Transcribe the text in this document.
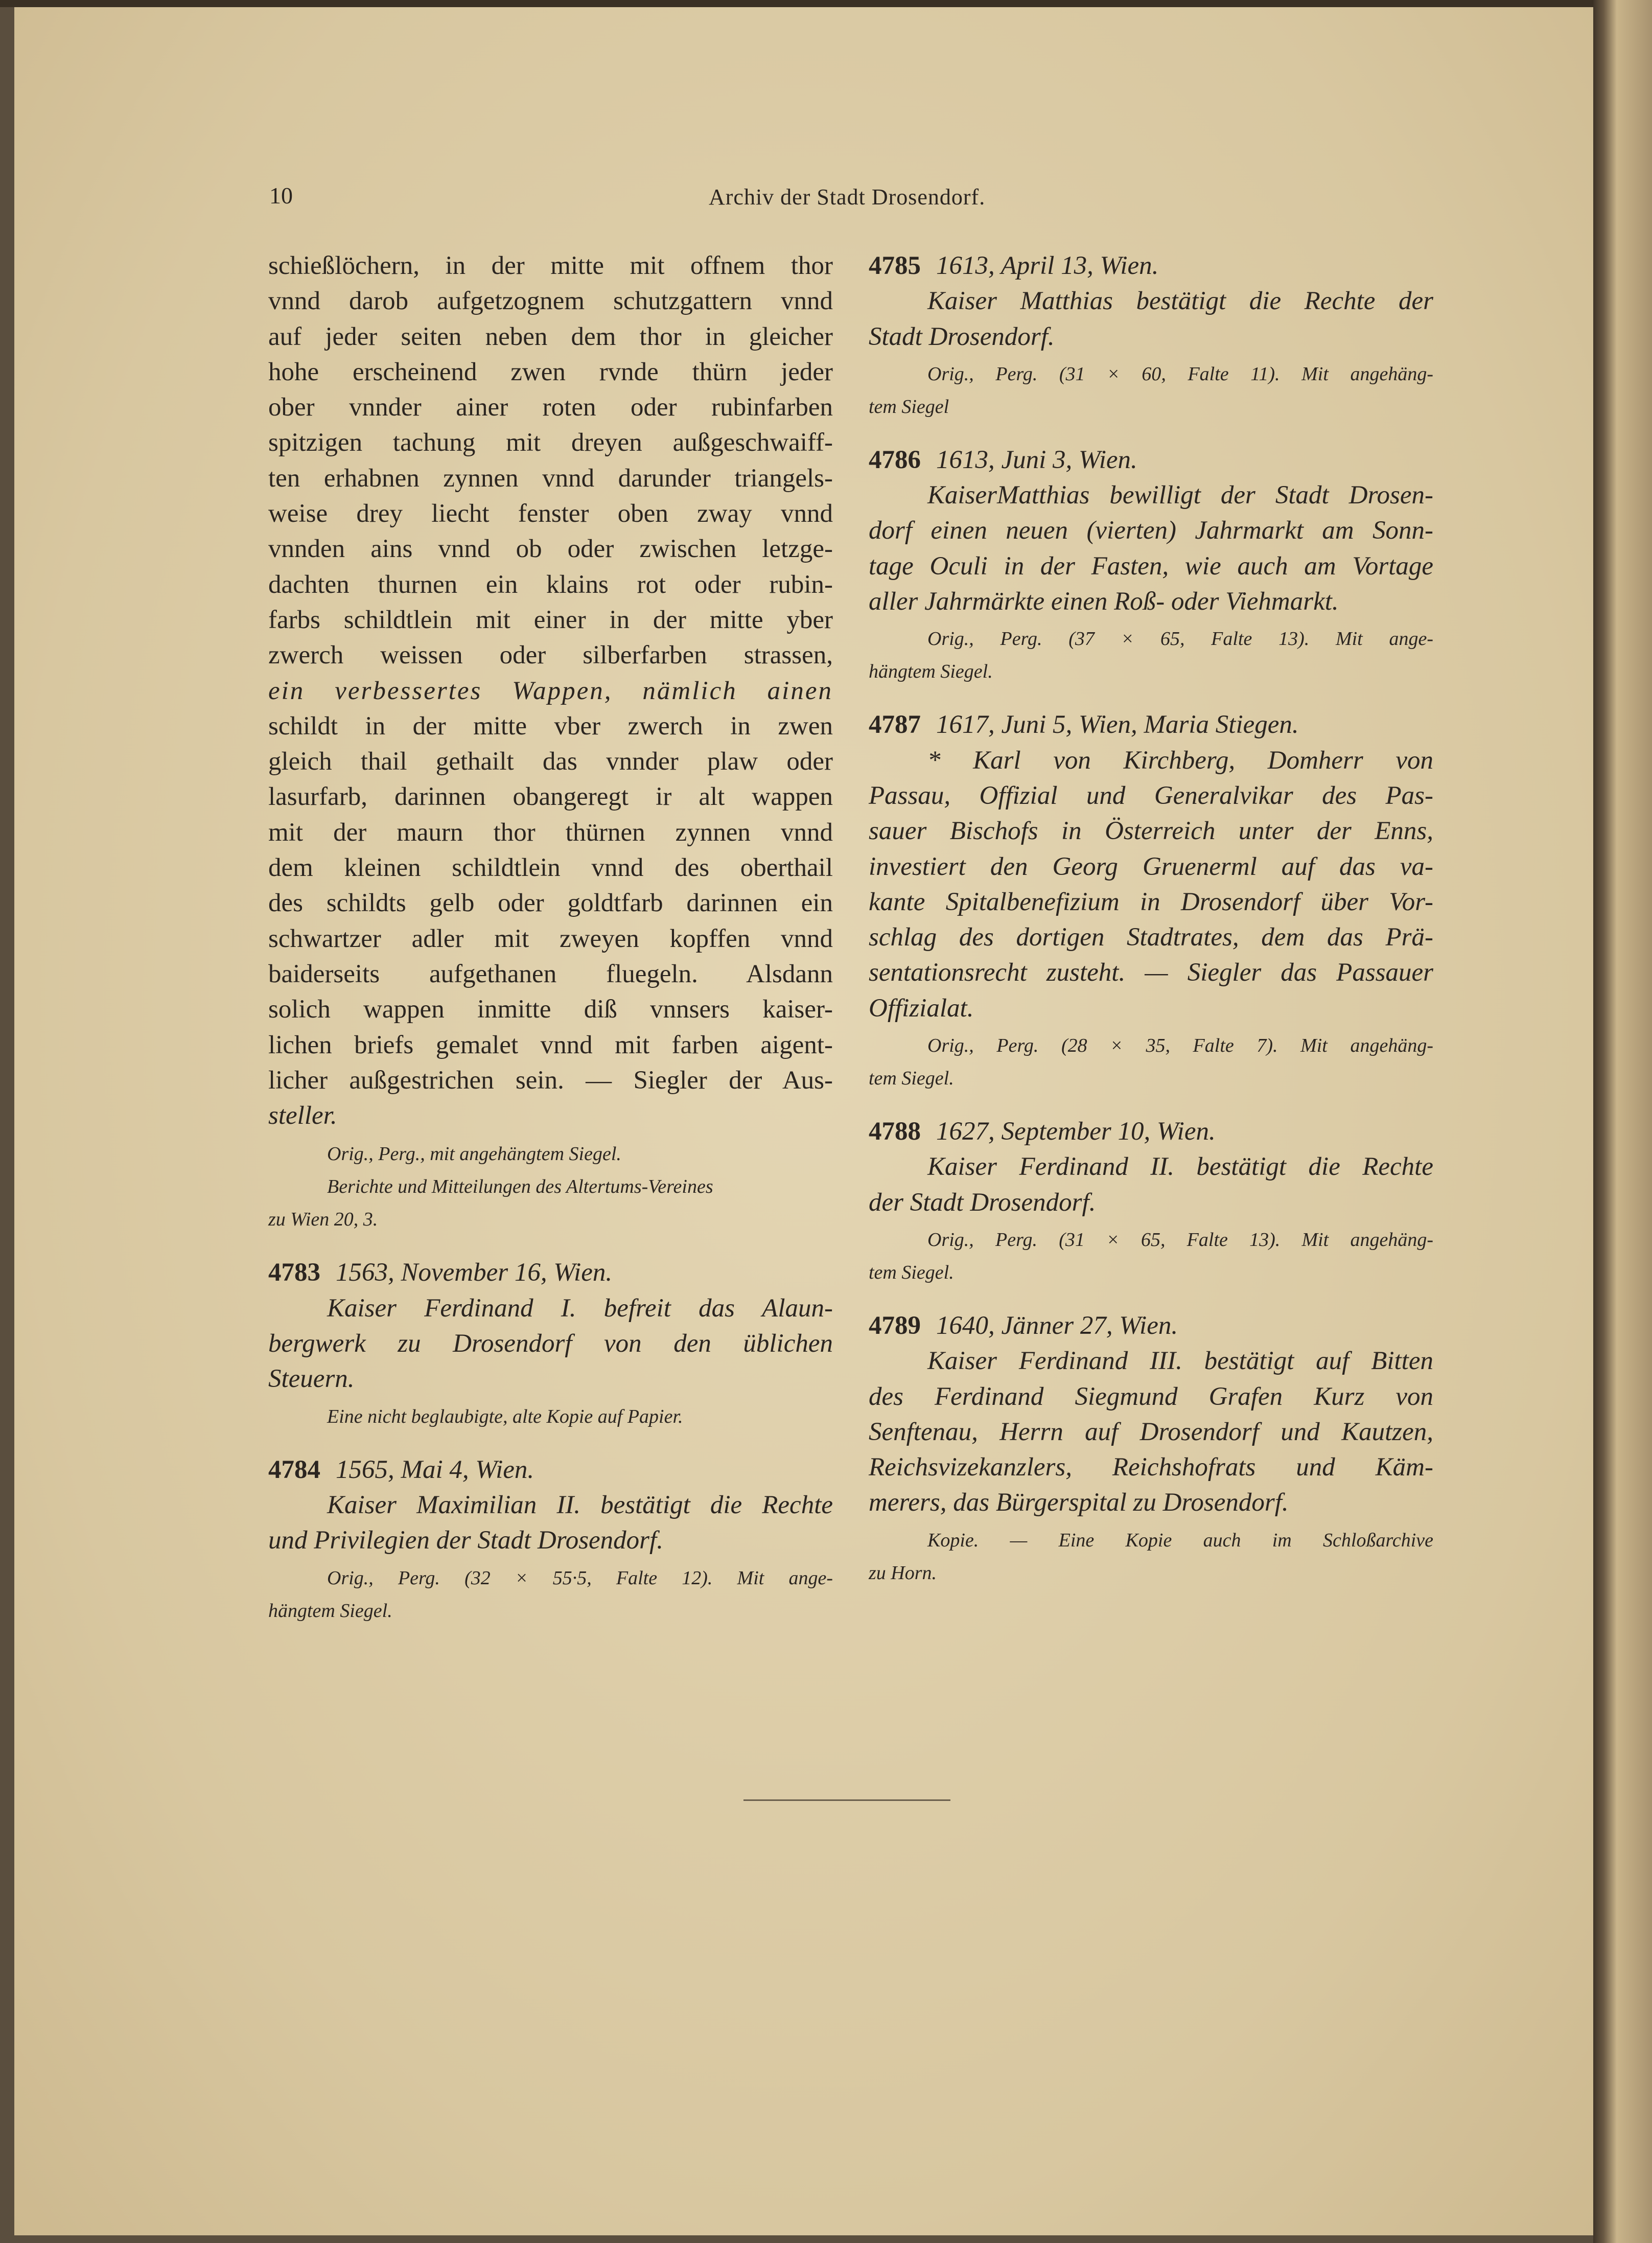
10	Archiv der Stadt Drosendorf.

schießlöchern, in der mitte mit offnem thor

vnnd darob aufgetzognem schutzgattern vnnd

auf jeder seiten neben dem thor in gleicher

hohe erscheinend zwen rvnde thürn jeder

ober vnnder ainer roten oder rubinfarben

spitzigen tachung mit dreyen außgeschwaiff-

ten erhabnen zynnen vnnd darunder triangels-

weise drey liecht fenster oben zway vnnd

vnnden ains vnnd ob oder zwischen letzge-

dachten thurnen ein klains rot oder rubin-

farbs schildtlein mit einer in der mitte yber

zwerch weissen oder silberfarben strassen,

ein verbessertes Wappen, nämlich ainen

schildt in der mitte vber zwerch in zwen

gleich thail gethailt das vnnder plaw oder

lasurfarb, darinnen obangeregt ir alt wappen

mit der maurn thor thürnen zynnen vnnd

dem kleinen schildtlein vnnd des oberthail

des schildts gelb oder goldtfarb darinnen ein

schwartzer adler mit zweyen kopffen vnnd

baiderseits aufgethanen fluegeln. Alsdann

solich wappen inmitte diß vnnsers kaiser-

lichen briefs gemalet vnnd mit farben aigent-

licher außgestrichen sein. — Siegler der Aus-

steller.

Orig., Perg., mit angehängtem Siegel.

Berichte und Mitteilungen des Altertums-Vereines

zu Wien 20, 3.

4783 1563, November 16, Wien.

Kaiser Ferdinand I. befreit das Alaun-

bergwerk zu Drosendorf von den üblichen

Steuern.

Eine nicht beglaubigte, alte Kopie auf Papier.

4784 1565, Mai 4, Wien.

Kaiser Maximilian II. bestätigt die Rechte

und Privilegien der Stadt Drosendorf.

Orig., Perg. (32 × 55·5, Falte 12). Mit ange-

hängtem Siegel.

4785 1613, April 13, Wien.

Kaiser Matthias bestätigt die Rechte der

Stadt Drosendorf.

Orig., Perg. (31 × 60, Falte 11). Mit angehäng-

tem Siegel

4786 1613, Juni 3, Wien.

KaiserMatthias bewilligt der Stadt Drosen-

dorf einen neuen (vierten) Jahrmarkt am Sonn-

tage Oculi in der Fasten, wie auch am Vortage

aller Jahrmärkte einen Roß- oder Viehmarkt.

Orig., Perg. (37 × 65, Falte 13). Mit ange-

hängtem Siegel.

4787 1617, Juni 5, Wien, Maria Stiegen.

* Karl von Kirchberg, Domherr von

Passau, Offizial und Generalvikar des Pas-

sauer Bischofs in Österreich unter der Enns,

investiert den Georg Gruenerml auf das va-

kante Spitalbenefizium in Drosendorf über Vor-

schlag des dortigen Stadtrates, dem das Prä-

sentationsrecht zusteht. — Siegler das Passauer

Offizialat.

Orig., Perg. (28 × 35, Falte 7). Mit angehäng-

tem Siegel.

4788 1627, September 10, Wien.

Kaiser Ferdinand II. bestätigt die Rechte

der Stadt Drosendorf.

Orig., Perg. (31 × 65, Falte 13). Mit angehäng-

tem Siegel.

4789 1640, Jänner 27, Wien.

Kaiser Ferdinand III. bestätigt auf Bitten

des Ferdinand Siegmund Grafen Kurz von

Senftenau, Herrn auf Drosendorf und Kautzen,

Reichsvizekanzlers, Reichshofrats und Käm-

merers, das Bürgerspital zu Drosendorf.

Kopie. — Eine Kopie auch im Schloßarchive

zu Horn.
